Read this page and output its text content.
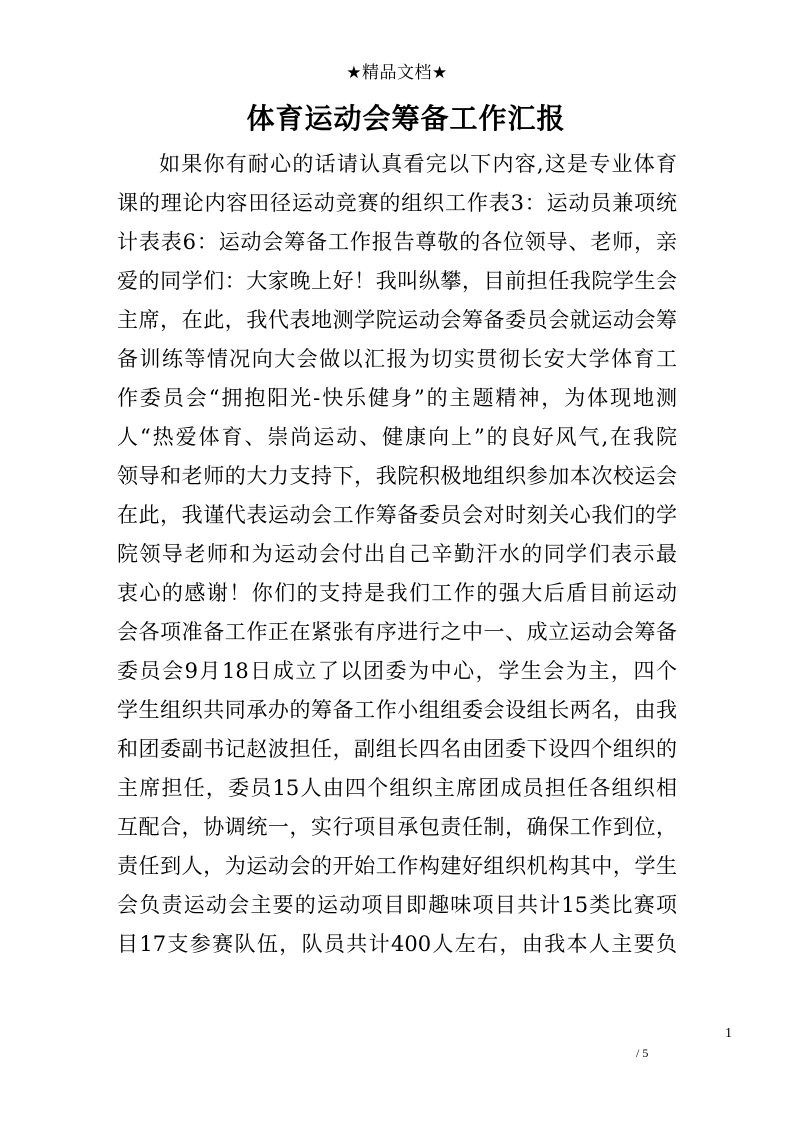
★精品文档★
体育运动会筹备工作汇报
如果你有耐心的话请认真看完以下内容,这是专业体育
课的理论内容田径运动竞赛的组织工作表3：运动员兼项统
计表表6：运动会筹备工作报告尊敬的各位领导、老师，亲
爱的同学们：大家晚上好！我叫纵攀，目前担任我院学生会
主席，在此，我代表地测学院运动会筹备委员会就运动会筹
备训练等情况向大会做以汇报为切实贯彻长安大学体育工
作委员会“拥抱阳光-快乐健身”的主题精神，为体现地测
人“热爱体育、崇尚运动、健康向上”的良好风气,在我院
领导和老师的大力支持下，我院积极地组织参加本次校运会
在此，我谨代表运动会工作筹备委员会对时刻关心我们的学
院领导老师和为运动会付出自己辛勤汗水的同学们表示最
衷心的感谢！你们的支持是我们工作的强大后盾目前运动
会各项准备工作正在紧张有序进行之中一、成立运动会筹备
委员会9月18日成立了以团委为中心，学生会为主，四个
学生组织共同承办的筹备工作小组组委会设组长两名，由我
和团委副书记赵波担任，副组长四名由团委下设四个组织的
主席担任，委员15人由四个组织主席团成员担任各组织相
互配合，协调统一，实行项目承包责任制，确保工作到位，
责任到人，为运动会的开始工作构建好组织机构其中，学生
会负责运动会主要的运动项目即趣味项目共计15类比赛项
目17支参赛队伍，队员共计400人左右，由我本人主要负
1
/ 5
